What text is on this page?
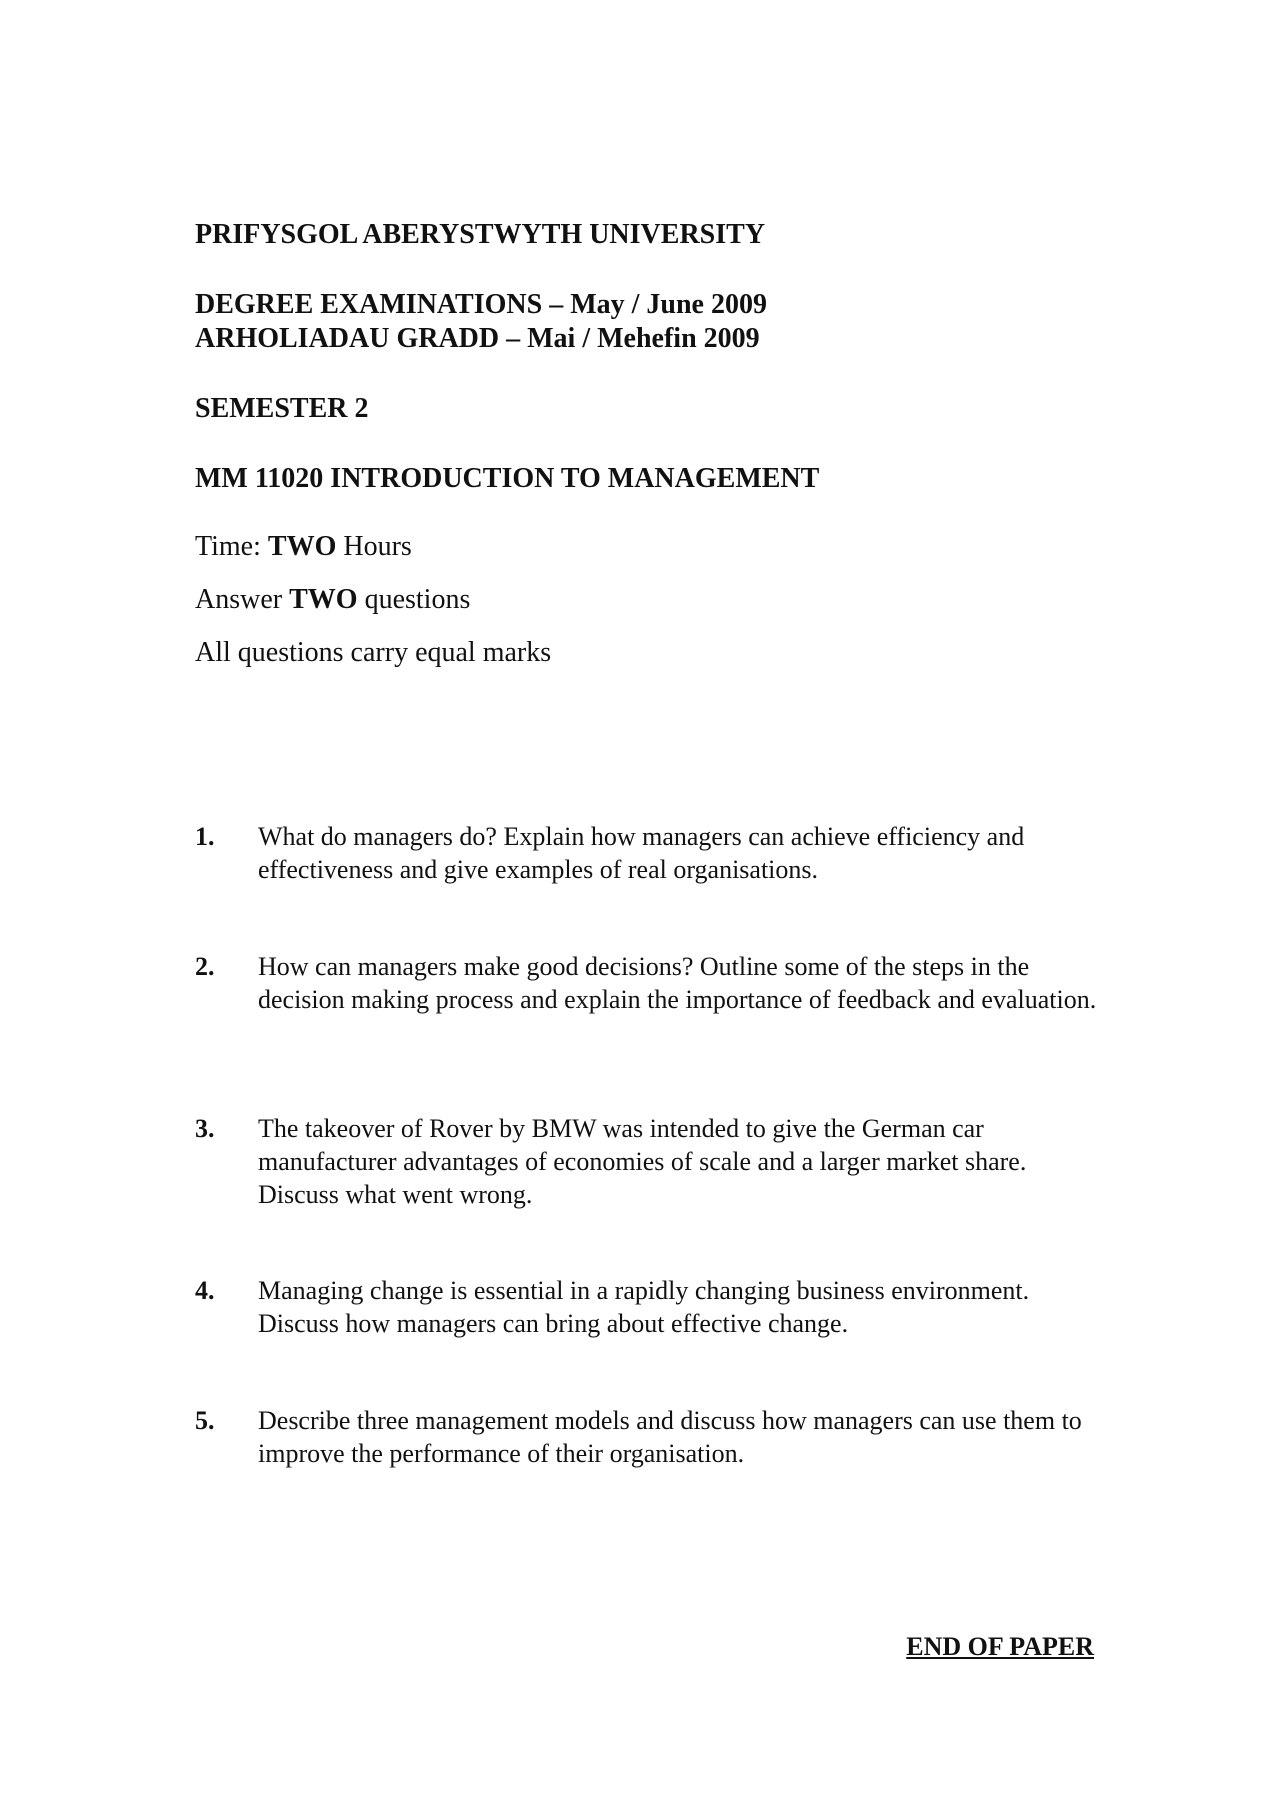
PRIFYSGOL ABERYSTWYTH UNIVERSITY
DEGREE EXAMINATIONS – May / June 2009
ARHOLIADAU GRADD – Mai / Mehefin 2009
SEMESTER 2
MM 11020 INTRODUCTION TO MANAGEMENT
Time: TWO Hours
Answer TWO questions
All questions carry equal marks
1. What do managers do? Explain how managers can achieve efficiency and effectiveness and give examples of real organisations.
2. How can managers make good decisions? Outline some of the steps in the decision making process and explain the importance of feedback and evaluation.
3. The takeover of Rover by BMW was intended to give the German car manufacturer advantages of economies of scale and a larger market share. Discuss what went wrong.
4. Managing change is essential in a rapidly changing business environment. Discuss how managers can bring about effective change.
5. Describe three management models and discuss how managers can use them to improve the performance of their organisation.
END OF PAPER
